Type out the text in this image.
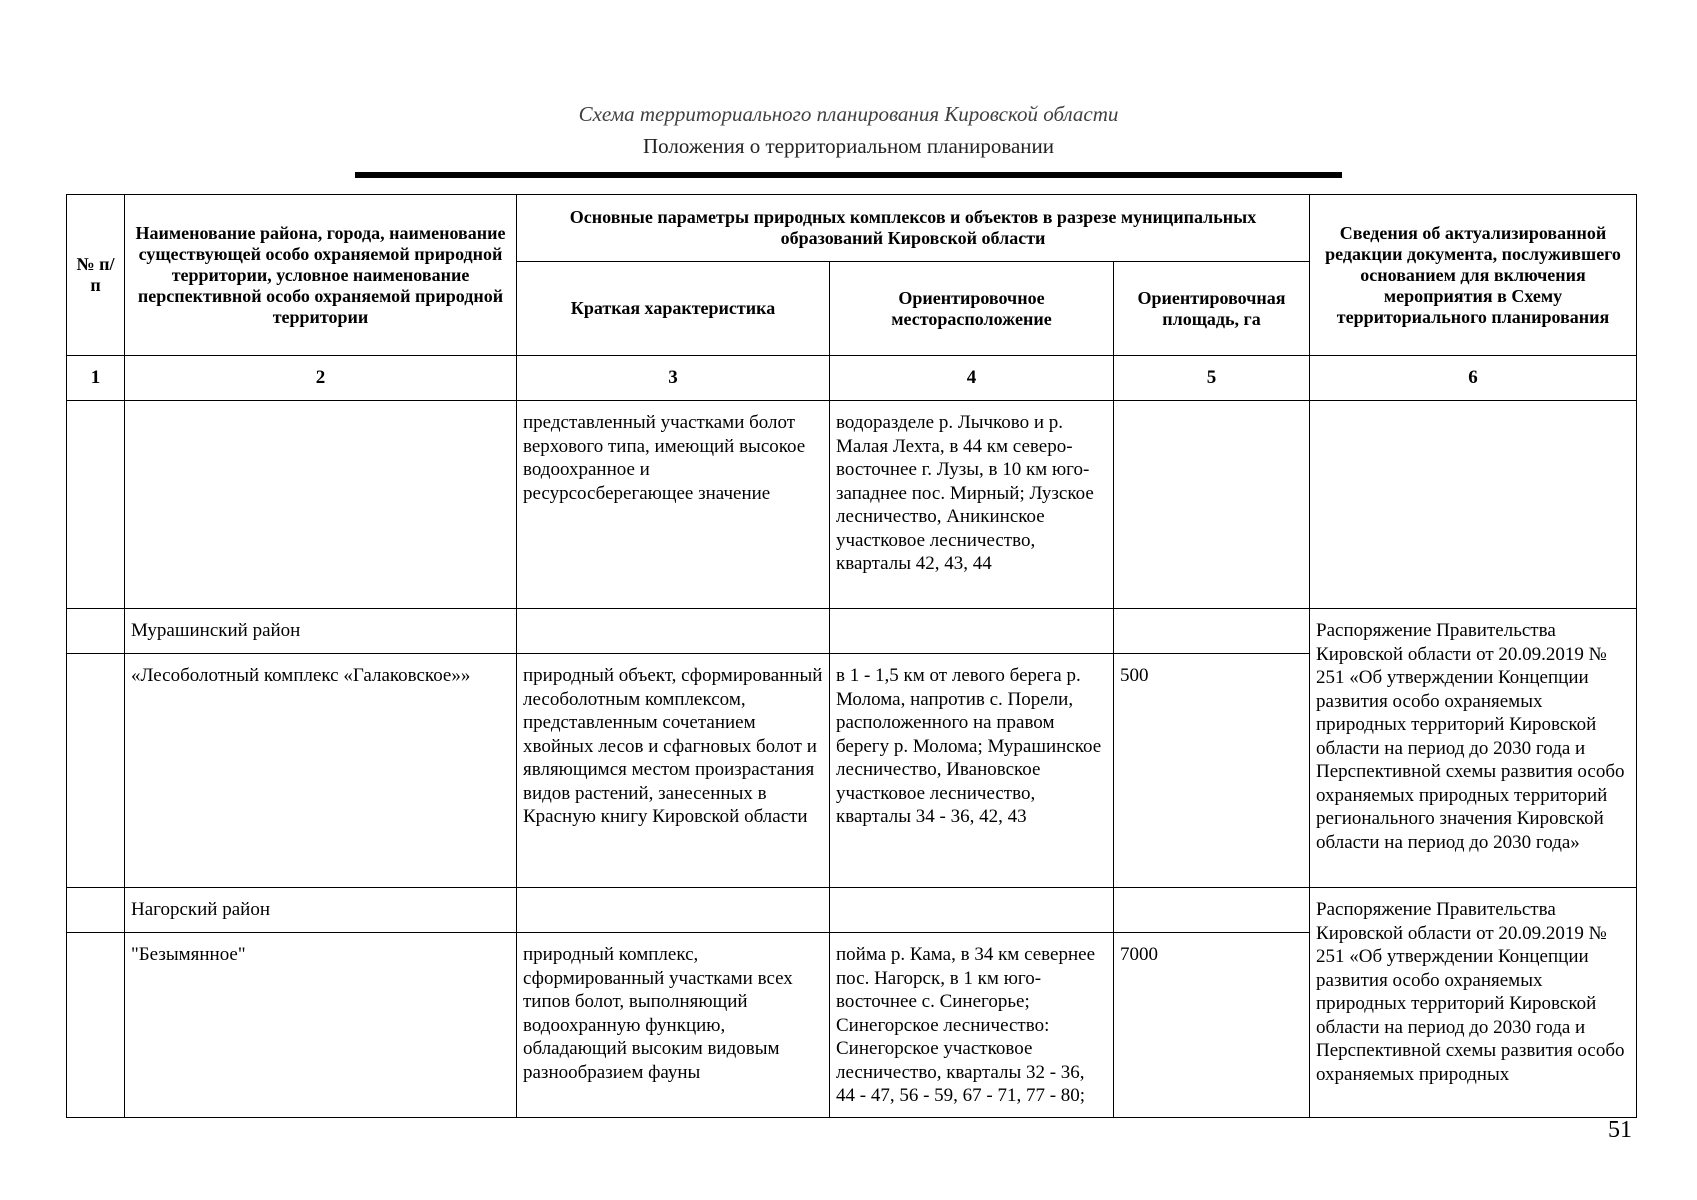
Схема территориального планирования Кировской области
Положения о территориальном планировании
№ п/п	Наименование района, города, наименование существующей особо охраняемой природной территории, условное наименование перспективной особо охраняемой природной территории	Основные параметры природных комплексов и объектов в разрезе муниципальных образований Кировской области			Сведения об актуализированной редакции документа, послужившего основанием для включения мероприятия в Схему территориального планирования
		Краткая характеристика	Ориентировочное месторасположение	Ориентировочная площадь, га	
1	2	3	4	5	6
		представленный участками болот верхового типа, имеющий высокое водоохранное и ресурсосберегающее значение	водоразделе р. Лычково и р. Малая Лехта, в 44 км северо-восточнее г. Лузы, в 10 км юго-западнее пос. Мирный; Лузское лесничество, Аникинское участковое лесничество, кварталы 42, 43, 44		
	Мурашинский район				Распоряжение Правительства Кировской области от 20.09.2019 № 251 «Об утверждении Концепции развития особо охраняемых природных территорий Кировской области на период до 2030 года и Перспективной схемы развития особо охраняемых природных территорий регионального значения Кировской области на период до 2030 года»
	«Лесоболотный комплекс «Галаковское»»	природный объект, сформированный лесоболотным комплексом, представленным сочетанием хвойных лесов и сфагновых болот и являющимся местом произрастания видов растений, занесенных в Красную книгу Кировской области	в 1 - 1,5 км от левого берега р. Молома, напротив с. Порели, расположенного на правом берегу р. Молома; Мурашинское лесничество, Ивановское участковое лесничество, кварталы 34 - 36, 42, 43	500	
	Нагорский район				Распоряжение Правительства Кировской области от 20.09.2019 № 251 «Об утверждении Концепции развития особо охраняемых природных территорий Кировской области на период до 2030 года и Перспективной схемы развития особо охраняемых природных
	"Безымянное"	природный комплекс, сформированный участками всех типов болот, выполняющий водоохранную функцию, обладающий высоким видовым разнообразием фауны	пойма р. Кама, в 34 км севернее пос. Нагорск, в 1 км юго-восточнее с. Синегорье; Синегорское лесничество: Синегорское участковое лесничество, кварталы 32 - 36, 44 - 47, 56 - 59, 67 - 71, 77 - 80;	7000	
51
